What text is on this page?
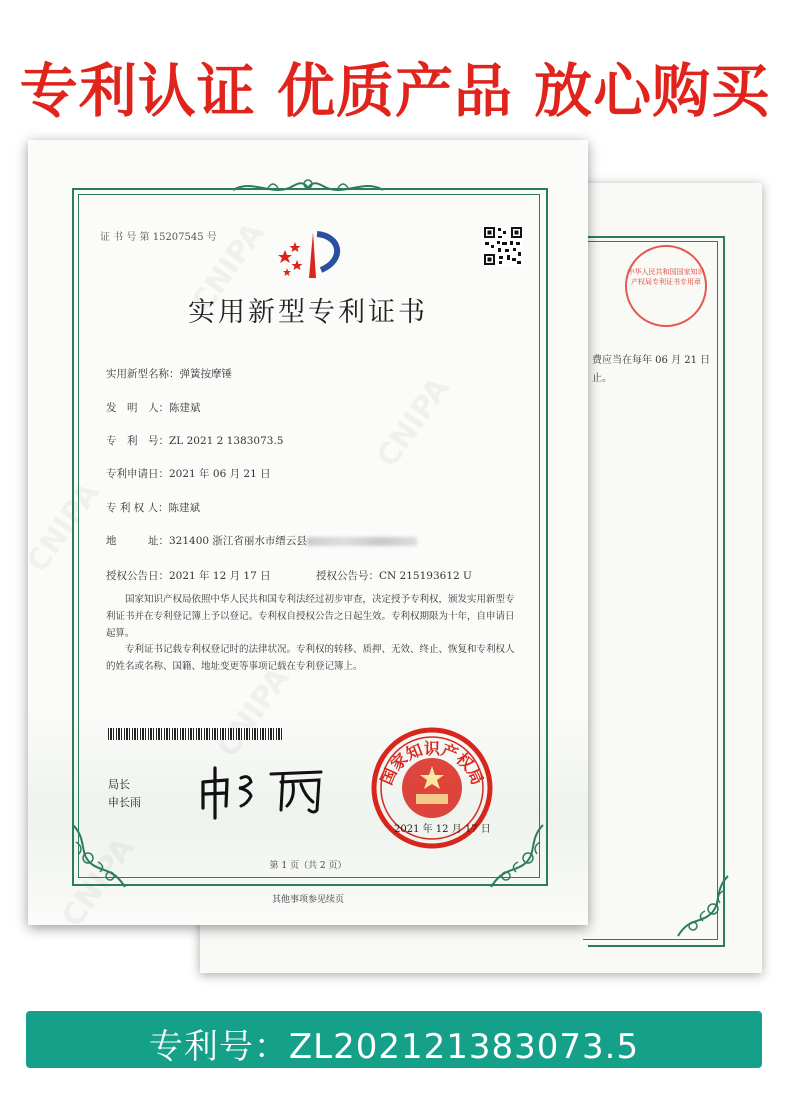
专利认证 优质产品 放心购买
中华人民共和国国家知识产权局专利证书专用章
费应当在每年 06 月 21 日
止。
证 书 号 第 15207545 号
实用新型专利证书
实用新型名称：弹簧按摩锤
发　明　人：陈建斌
专　利　号：ZL 2021 2 1383073.5
专利申请日：2021 年 06 月 21 日
专 利 权 人：陈建斌
地　　　址：321400 浙江省丽水市缙云县
授权公告日：2021 年 12 月 17 日	授权公告号：CN 215193612 U
国家知识产权局依照中华人民共和国专利法经过初步审查，决定授予专利权，颁发实用新型专利证书并在专利登记簿上予以登记。专利权自授权公告之日起生效。专利权期限为十年，自申请日起算。
专利证书记载专利权登记时的法律状况。专利权的转移、质押、无效、终止、恢复和专利权人的姓名或名称、国籍、地址变更等事项记载在专利登记簿上。
局长
申长雨
国家知识产权局
2021 年 12 月 17 日
第 1 页（共 2 页）
其他事项参见续页
专利号：ZL202121383073.5
